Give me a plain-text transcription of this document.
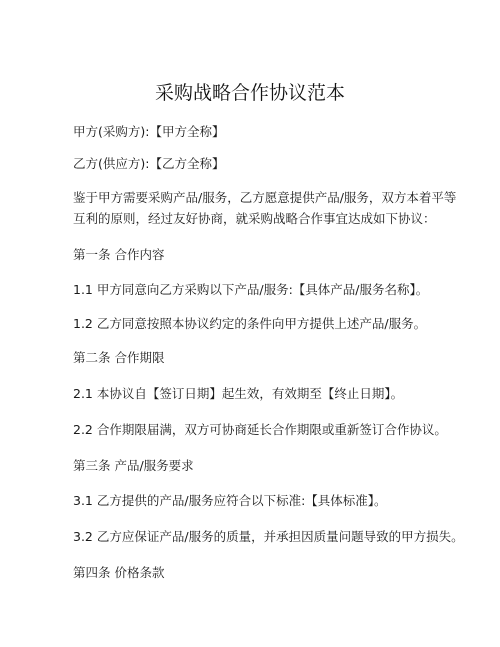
采购战略合作协议范本
甲方(采购方):【甲方全称】
乙方(供应方):【乙方全称】
鉴于甲方需要采购产品/服务，乙方愿意提供产品/服务，双方本着平等
互利的原则，经过友好协商，就采购战略合作事宜达成如下协议：
第一条 合作内容
1.1 甲方同意向乙方采购以下产品/服务:【具体产品/服务名称】。
1.2 乙方同意按照本协议约定的条件向甲方提供上述产品/服务。
第二条 合作期限
2.1 本协议自【签订日期】起生效，有效期至【终止日期】。
2.2 合作期限届满，双方可协商延长合作期限或重新签订合作协议。
第三条 产品/服务要求
3.1 乙方提供的产品/服务应符合以下标准:【具体标准】。
3.2 乙方应保证产品/服务的质量，并承担因质量问题导致的甲方损失。
第四条 价格条款
